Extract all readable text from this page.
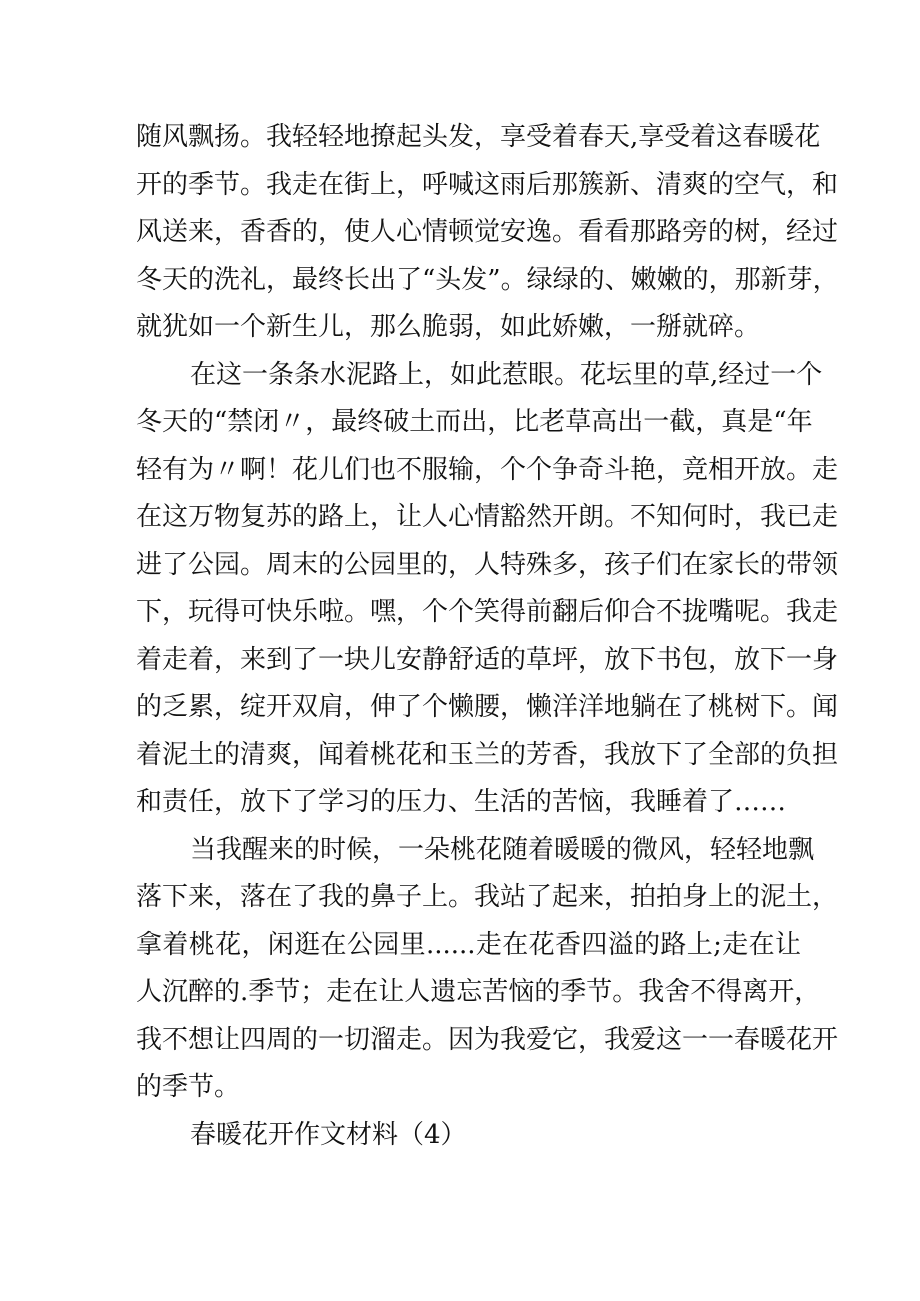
随风飘扬。我轻轻地撩起头发，享受着春天,享受着这春暖花
开的季节。我走在街上，呼喊这雨后那簇新、清爽的空气，和
风送来，香香的，使人心情顿觉安逸。看看那路旁的树，经过
冬天的洗礼，最终长出了“头发”。绿绿的、嫩嫩的，那新芽，
就犹如一个新生儿，那么脆弱，如此娇嫩，一掰就碎。
在这一条条水泥路上，如此惹眼。花坛里的草,经过一个
冬天的“禁闭〃，最终破土而出，比老草高出一截，真是“年
轻有为〃啊！花儿们也不服输，个个争奇斗艳，竞相开放。走
在这万物复苏的路上，让人心情豁然开朗。不知何时，我已走
进了公园。周末的公园里的，人特殊多，孩子们在家长的带领
下，玩得可快乐啦。嘿，个个笑得前翻后仰合不拢嘴呢。我走
着走着，来到了一块儿安静舒适的草坪，放下书包，放下一身
的乏累，绽开双肩，伸了个懒腰，懒洋洋地躺在了桃树下。闻
着泥土的清爽，闻着桃花和玉兰的芳香，我放下了全部的负担
和责任，放下了学习的压力、生活的苦恼，我睡着了……
当我醒来的时候，一朵桃花随着暖暖的微风，轻轻地飘
落下来，落在了我的鼻子上。我站了起来，拍拍身上的泥土，
拿着桃花，闲逛在公园里......走在花香四溢的路上;走在让
人沉醉的.季节；走在让人遗忘苦恼的季节。我舍不得离开，
我不想让四周的一切溜走。因为我爱它，我爱这一一春暖花开
的季节。
春暖花开作文材料（4）
